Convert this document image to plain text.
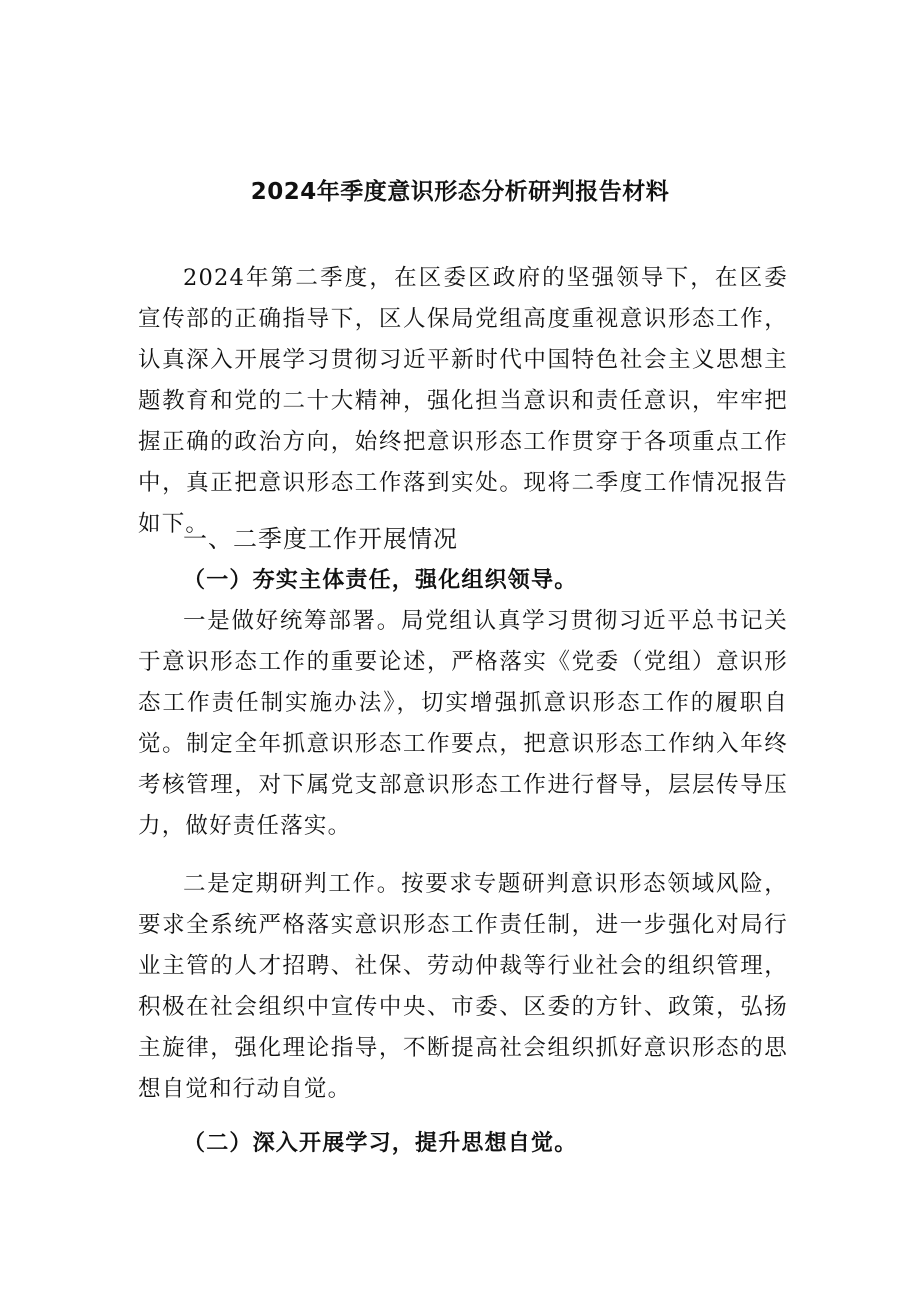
2024年季度意识形态分析研判报告材料

2024年第二季度，在区委区政府的坚强领导下，在区委宣传部的正确指导下，区人保局党组高度重视意识形态工作，认真深入开展学习贯彻习近平新时代中国特色社会主义思想主题教育和党的二十大精神，强化担当意识和责任意识，牢牢把握正确的政治方向，始终把意识形态工作贯穿于各项重点工作中，真正把意识形态工作落到实处。现将二季度工作情况报告如下。

一、二季度工作开展情况
（一）夯实主体责任，强化组织领导。

一是做好统筹部署。局党组认真学习贯彻习近平总书记关于意识形态工作的重要论述，严格落实《党委（党组）意识形态工作责任制实施办法》，切实增强抓意识形态工作的履职自觉。制定全年抓意识形态工作要点，把意识形态工作纳入年终考核管理，对下属党支部意识形态工作进行督导，层层传导压力，做好责任落实。

二是定期研判工作。按要求专题研判意识形态领域风险，要求全系统严格落实意识形态工作责任制，进一步强化对局行业主管的人才招聘、社保、劳动仲裁等行业社会的组织管理，积极在社会组织中宣传中央、市委、区委的方针、政策，弘扬主旋律，强化理论指导，不断提高社会组织抓好意识形态的思想自觉和行动自觉。

（二）深入开展学习，提升思想自觉。
